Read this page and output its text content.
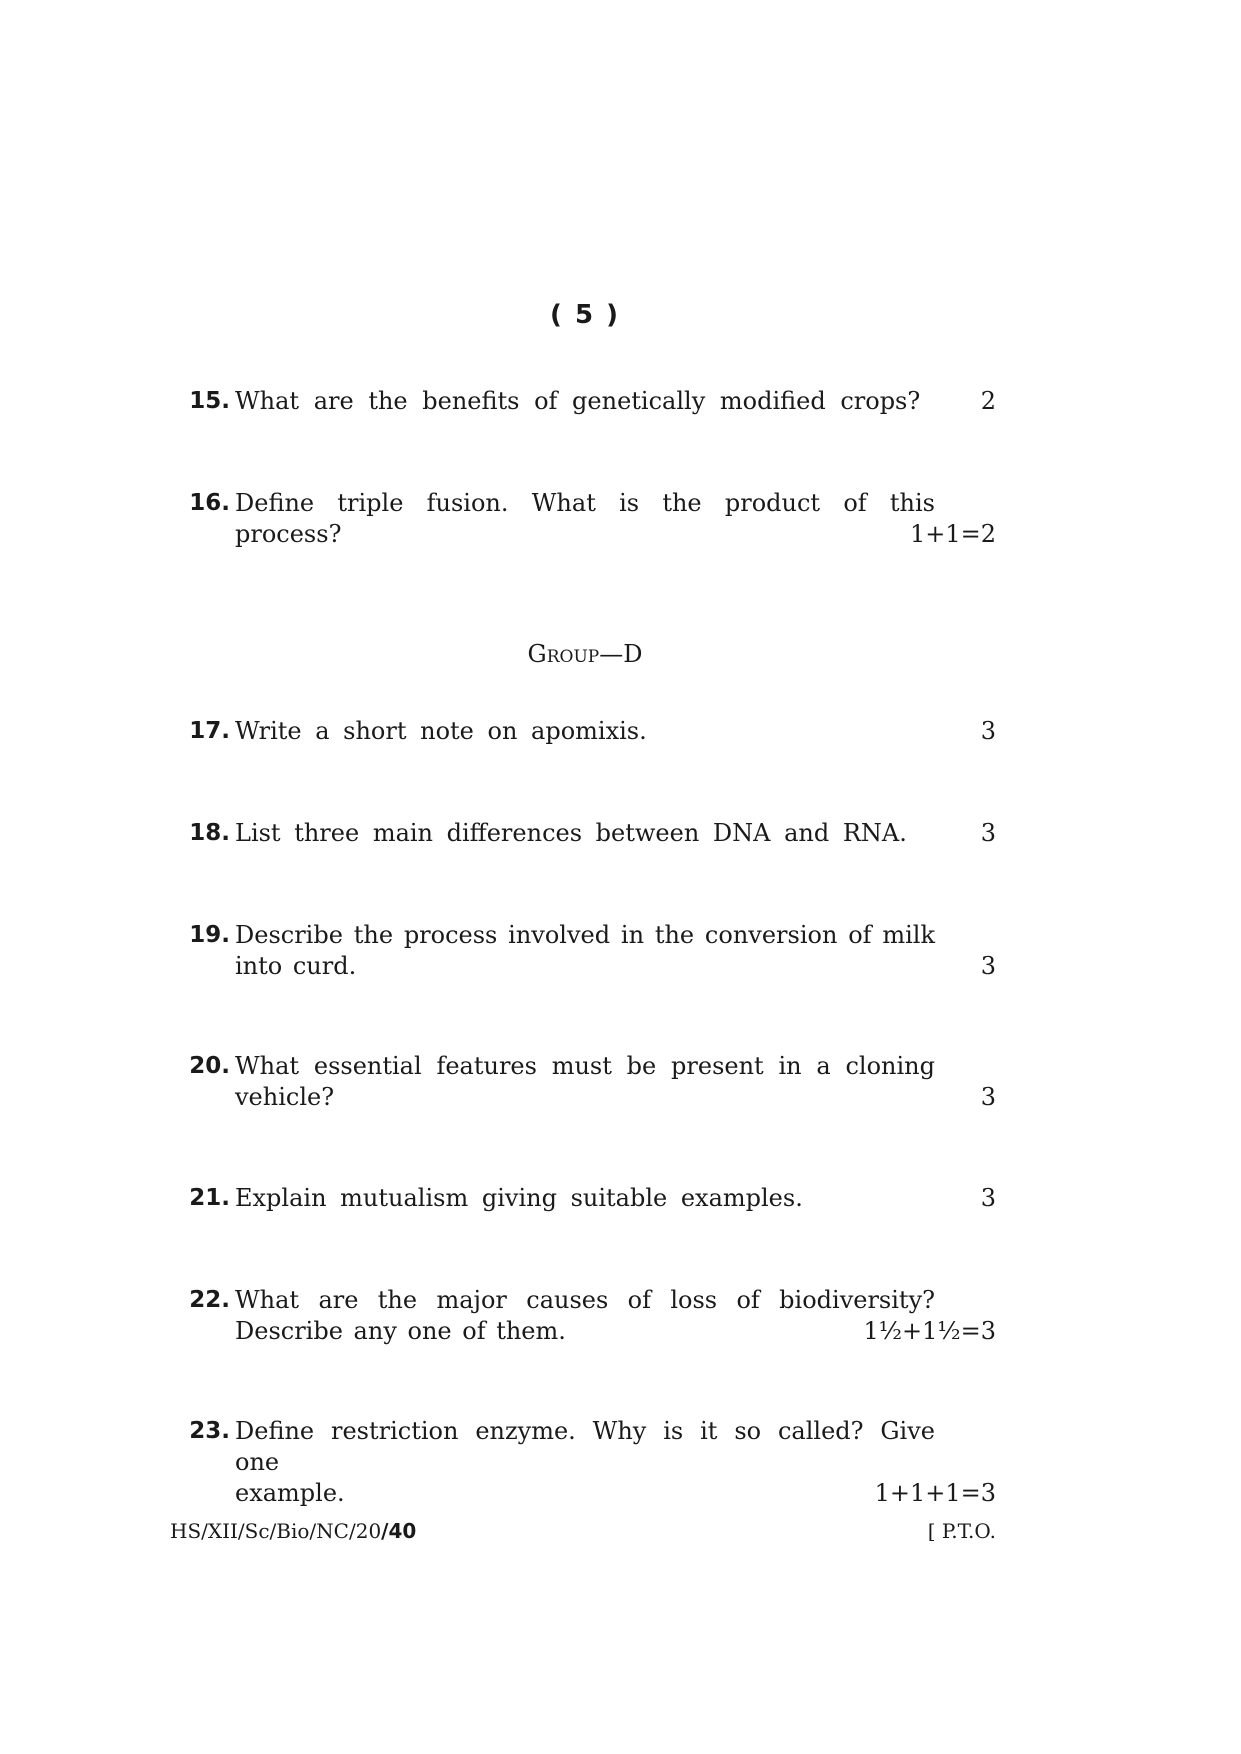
( 5 )
15. What are the benefits of genetically modified crops?	2
16. Define triple fusion. What is the product of this
process?	1+1=2
Group—D
17. Write a short note on apomixis.	3
18. List three main differences between DNA and RNA.	3
19. Describe the process involved in the conversion of milk
into curd.	3
20. What essential features must be present in a cloning
vehicle?	3
21. Explain mutualism giving suitable examples.	3
22. What are the major causes of loss of biodiversity?
Describe any one of them.	1½+1½=3
23. Define restriction enzyme. Why is it so called? Give one
example.	1+1+1=3
HS/XII/Sc/Bio/NC/20/40	[ P.T.O.
